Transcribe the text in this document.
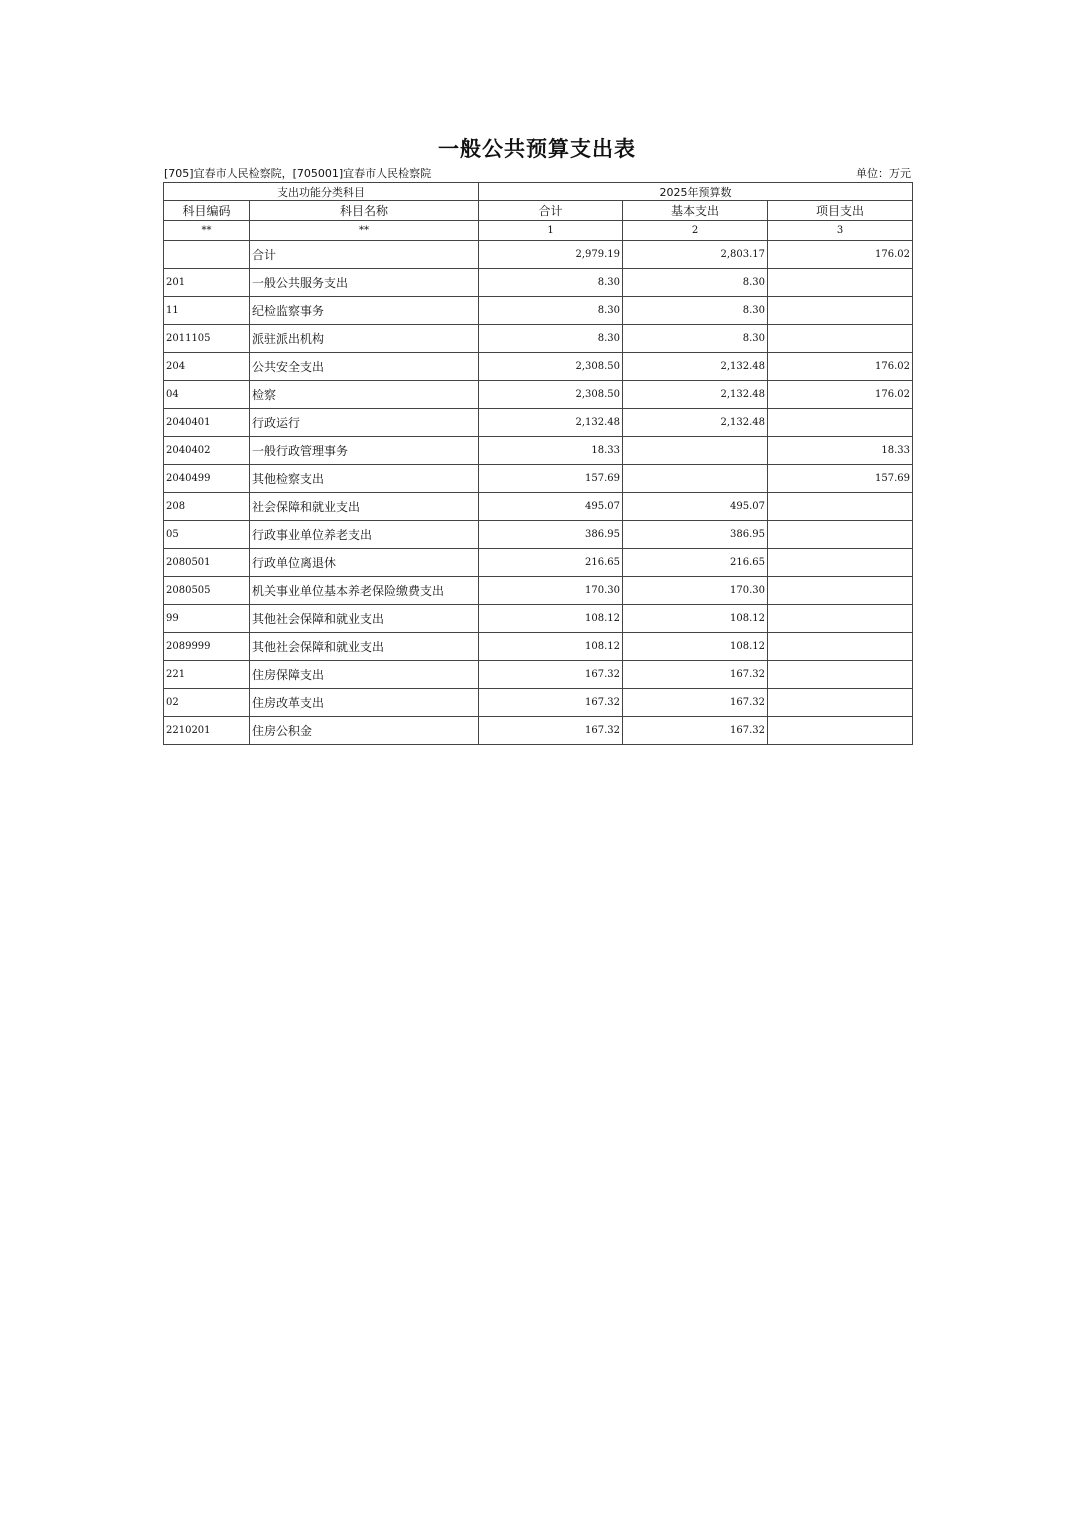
一般公共预算支出表
[705]宜春市人民检察院，[705001]宜春市人民检察院	单位：万元
支出功能分类科目		2025年预算数		
科目编码	科目名称	合计	基本支出	项目支出
**	**	1	2	3
	合计	2,979.19	2,803.17	176.02
201	一般公共服务支出	8.30	8.30	
11	纪检监察事务	8.30	8.30	
2011105	派驻派出机构	8.30	8.30	
204	公共安全支出	2,308.50	2,132.48	176.02
04	检察	2,308.50	2,132.48	176.02
2040401	行政运行	2,132.48	2,132.48	
2040402	一般行政管理事务	18.33		18.33
2040499	其他检察支出	157.69		157.69
208	社会保障和就业支出	495.07	495.07	
05	行政事业单位养老支出	386.95	386.95	
2080501	行政单位离退休	216.65	216.65	
2080505	机关事业单位基本养老保险缴费支出	170.30	170.30	
99	其他社会保障和就业支出	108.12	108.12	
2089999	其他社会保障和就业支出	108.12	108.12	
221	住房保障支出	167.32	167.32	
02	住房改革支出	167.32	167.32	
2210201	住房公积金	167.32	167.32	
